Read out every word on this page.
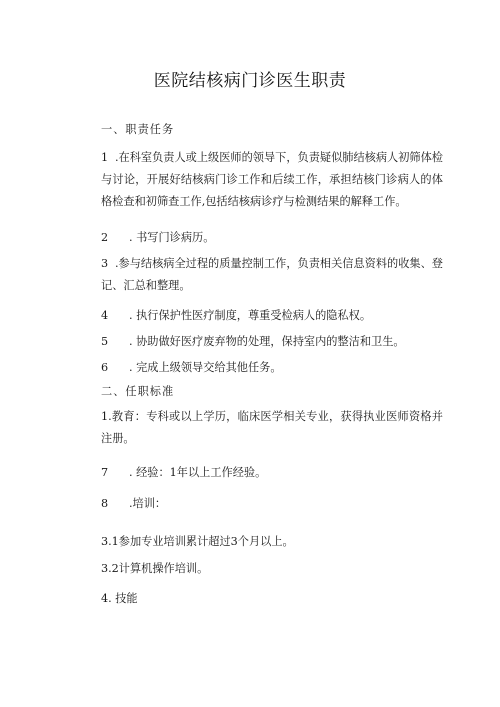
医院结核病门诊医生职责
一、职责任务
1 .在科室负责人或上级医师的领导下，负责疑似肺结核病人初筛体检与讨论，开展好结核病门诊工作和后续工作，承担结核门诊病人的体格检查和初筛查工作,包括结核病诊疗与检测结果的解释工作。
2 . 书写门诊病历。
3 .参与结核病全过程的质量控制工作，负责相关信息资料的收集、登记、汇总和整理。
4 . 执行保护性医疗制度，尊重受检病人的隐私权。
5 . 协助做好医疗废弃物的处理，保持室内的整洁和卫生。
6 . 完成上级领导交给其他任务。
二、任职标准
1.教育：专科或以上学历，临床医学相关专业，获得执业医师资格并注册。
7 . 经验：1年以上工作经验。
8 .培训：
3.1参加专业培训累计超过3个月以上。
3.2计算机操作培训。
4. 技能
